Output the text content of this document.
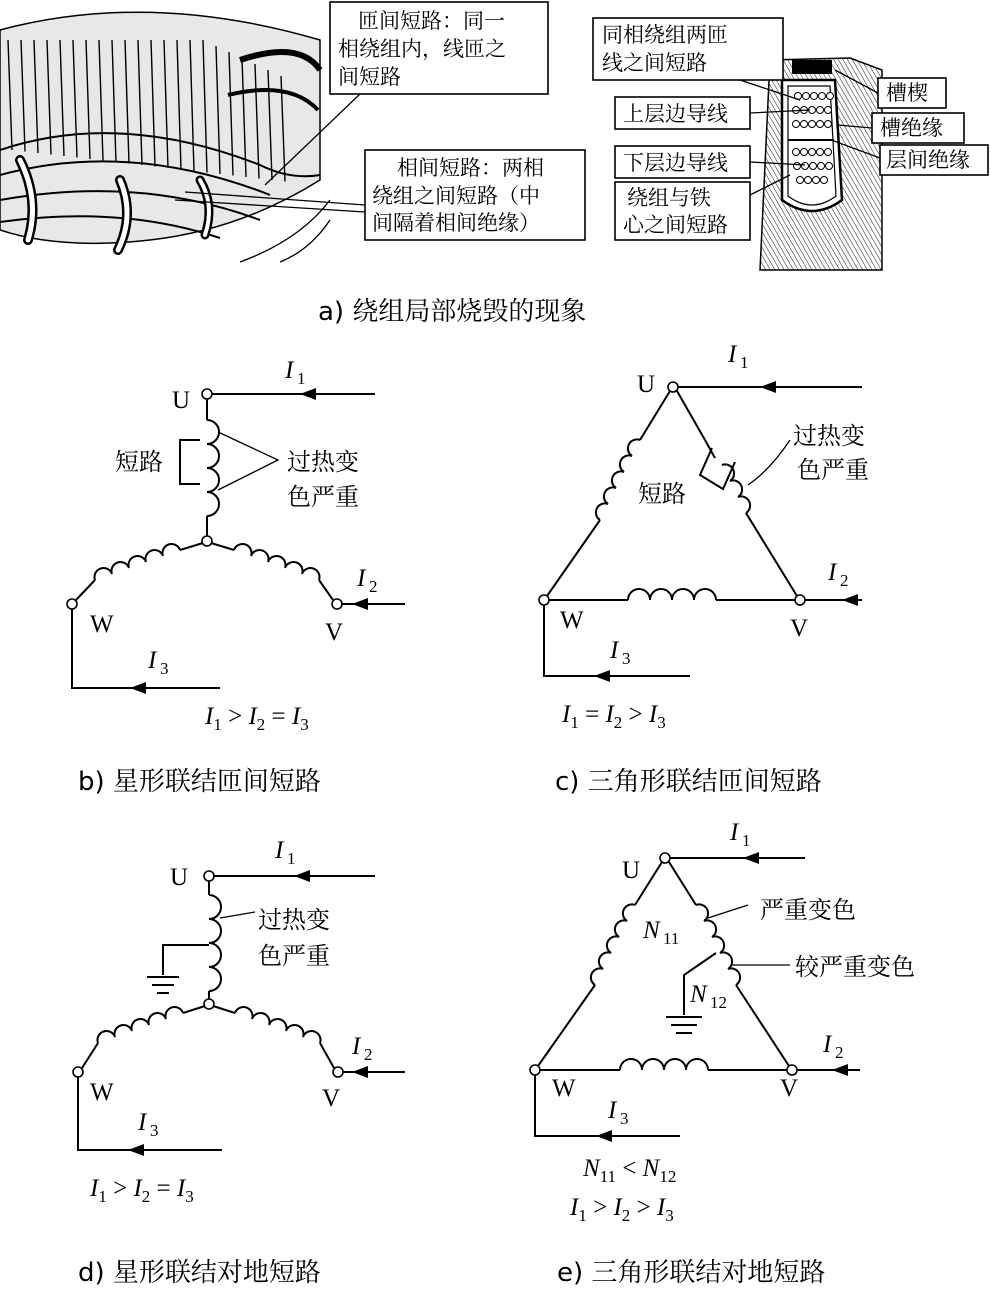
匝间短路：同一
相绕组内，线匝之
间短路
相间短路：两相
绕组之间短路（中
间隔着相间绝缘）
同相绕组两匝
线之间短路
上层边导线
下层边导线
绕组与铁
心之间短路
槽楔
槽绝缘
层间绝缘
a) 绕组局部烧毁的现象
U
I 1
短路	过热变
色严重
W	V
I 2
I 3
$I_1 > I_2 = I_3$
b) 星形联结匝间短路
U
I 1
W
短路
过热变
色严重
V
I 2
I 3
$I_1 = I_2 > I_3$
c) 三角形联结匝间短路
U
I 1
过热变
色严重
W	V
I 2
I 3
$I_1 > I_2 = I_3$
d) 星形联结对地短路
U
I 1
N 11
严重变色
较严重变色
N 12
W	V
I 2
I 3
$N_{11} < N_{12}$
$I_1 > I_2 > I_3$
e) 三角形联结对地短路
